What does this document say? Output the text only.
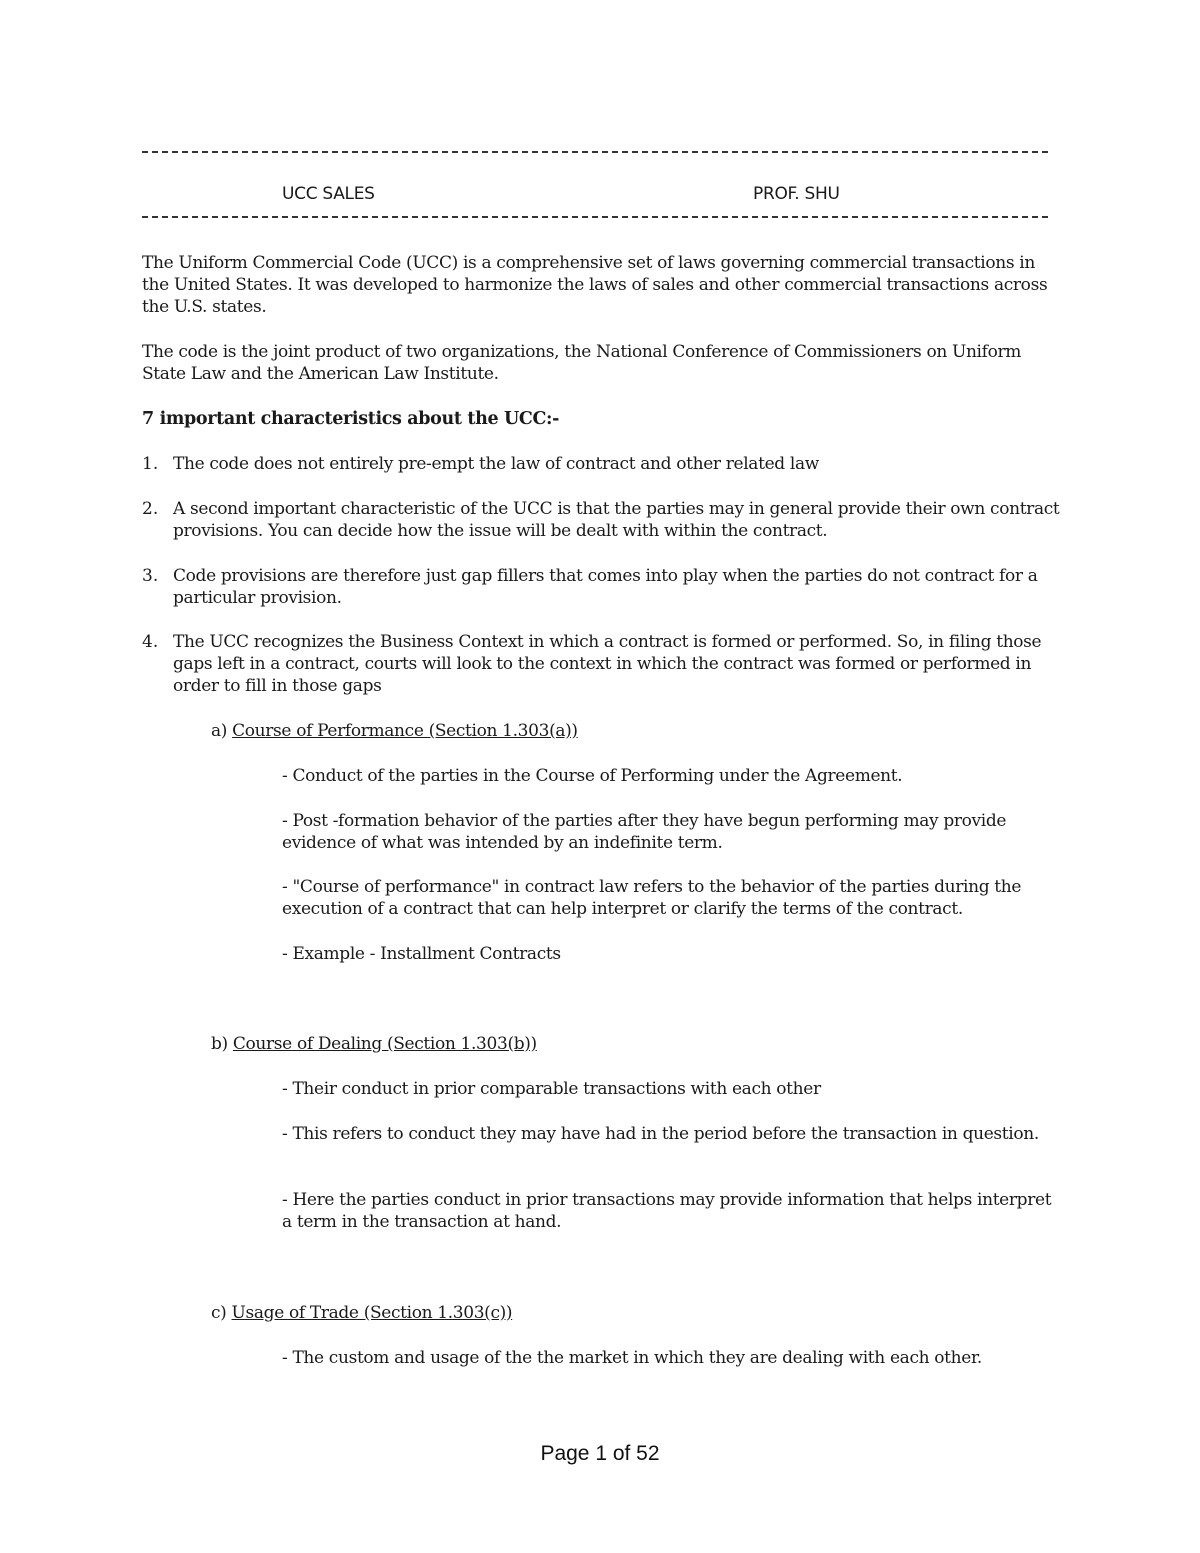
UCC SALES	PROF. SHU
The Uniform Commercial Code (UCC) is a comprehensive set of laws governing commercial transactions in the United States. It was developed to harmonize the laws of sales and other commercial transactions across the U.S. states.
The code is the joint product of two organizations, the National Conference of Commissioners on Uniform State Law and the American Law Institute.
7 important characteristics about the UCC:-
1. The code does not entirely pre-empt the law of contract and other related law
2. A second important characteristic of the UCC is that the parties may in general provide their own contract provisions. You can decide how the issue will be dealt with within the contract.
3. Code provisions are therefore just gap fillers that comes into play when the parties do not contract for a particular provision.
4. The UCC recognizes the Business Context in which a contract is formed or performed. So, in filing those gaps left in a contract, courts will look to the context in which the contract was formed or performed in order to fill in those gaps
a) Course of Performance (Section 1.303(a))
- Conduct of the parties in the Course of Performing under the Agreement.
- Post -formation behavior of the parties after they have begun performing may provide evidence of what was intended by an indefinite term.
- "Course of performance" in contract law refers to the behavior of the parties during the execution of a contract that can help interpret or clarify the terms of the contract.
- Example - Installment Contracts
b) Course of Dealing (Section 1.303(b))
- Their conduct in prior comparable transactions with each other
- This refers to conduct they may have had in the period before the transaction in question.
- Here the parties conduct in prior transactions may provide information that helps interpret a term in the transaction at hand.
c) Usage of Trade (Section 1.303(c))
- The custom and usage of the the market in which they are dealing with each other.
Page 1 of 52
